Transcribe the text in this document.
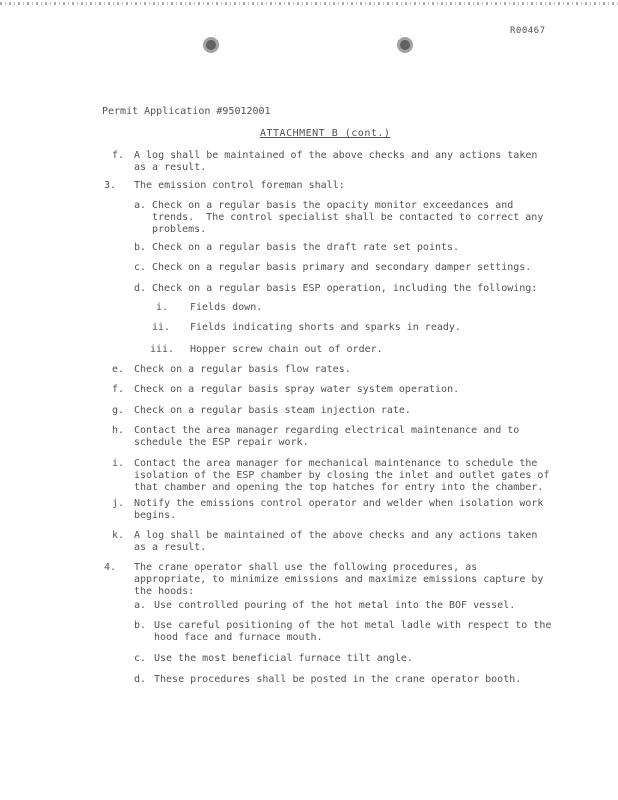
R00467
Permit Application #95012001
ATTACHMENT B (cont.)
f. A log shall be maintained of the above checks and any actions taken
as a result.
3. The emission control foreman shall:
a. Check on a regular basis the opacity monitor exceedances and
trends.  The control specialist shall be contacted to correct any
problems.
b. Check on a regular basis the draft rate set points.
c. Check on a regular basis primary and secondary damper settings.
d. Check on a regular basis ESP operation, including the following:
i. Fields down.
ii. Fields indicating shorts and sparks in ready.
iii. Hopper screw chain out of order.
e. Check on a regular basis flow rates.
f. Check on a regular basis spray water system operation.
g. Check on a regular basis steam injection rate.
h. Contact the area manager regarding electrical maintenance and to
schedule the ESP repair work.
i. Contact the area manager for mechanical maintenance to schedule the
isolation of the ESP chamber by closing the inlet and outlet gates of
that chamber and opening the top hatches for entry into the chamber.
j. Notify the emissions control operator and welder when isolation work
begins.
k. A log shall be maintained of the above checks and any actions taken
as a result.
4. The crane operator shall use the following procedures, as
appropriate, to minimize emissions and maximize emissions capture by
the hoods:
a. Use controlled pouring of the hot metal into the BOF vessel.
b. Use careful positioning of the hot metal ladle with respect to the
hood face and furnace mouth.
c. Use the most beneficial furnace tilt angle.
d. These procedures shall be posted in the crane operator booth.
